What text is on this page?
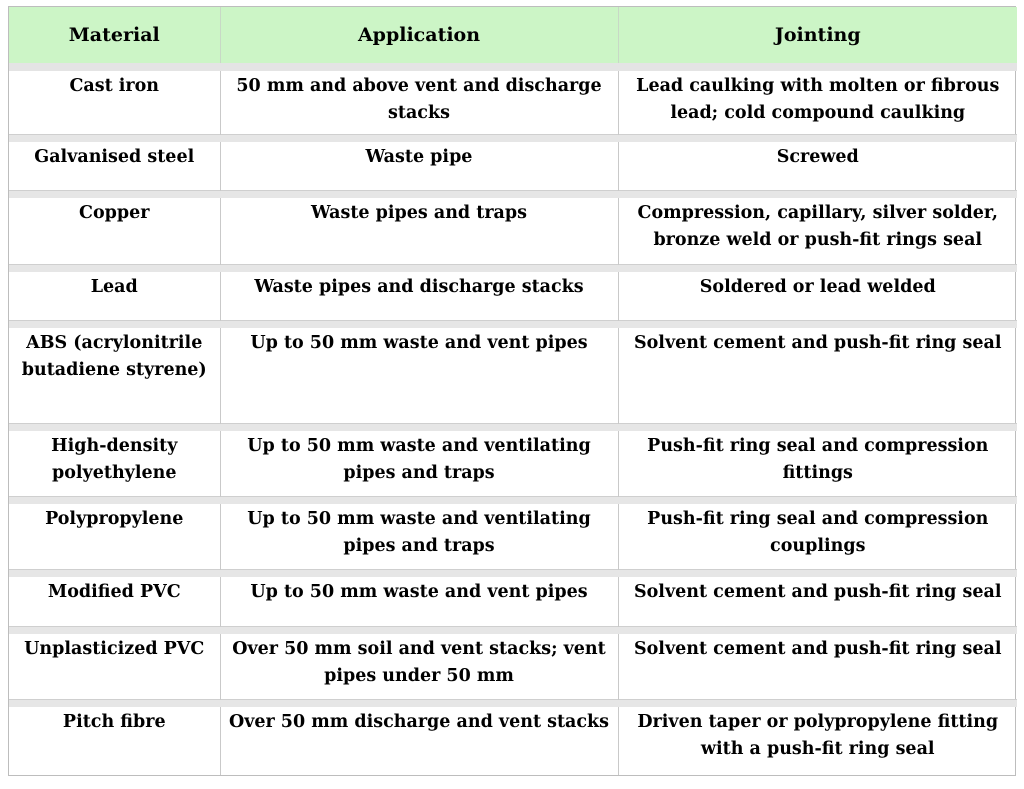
Material	Application	Jointing
Cast iron	50 mm and above vent and discharge stacks	Lead caulking with molten or fibrous lead; cold compound caulking
Galvanised steel	Waste pipe	Screwed
Copper	Waste pipes and traps	Compression, capillary, silver solder, bronze weld or push-fit rings seal
Lead	Waste pipes and discharge stacks	Soldered or lead welded
ABS (acrylonitrile butadiene styrene)	Up to 50 mm waste and vent pipes	Solvent cement and push-fit ring seal
High-density polyethylene	Up to 50 mm waste and ventilating pipes and traps	Push-fit ring seal and compression fittings
Polypropylene	Up to 50 mm waste and ventilating pipes and traps	Push-fit ring seal and compression couplings
Modified PVC	Up to 50 mm waste and vent pipes	Solvent cement and push-fit ring seal
Unplasticized PVC	Over 50 mm soil and vent stacks; vent pipes under 50 mm	Solvent cement and push-fit ring seal
Pitch fibre	Over 50 mm discharge and vent stacks	Driven taper or polypropylene fitting with a push-fit ring seal
